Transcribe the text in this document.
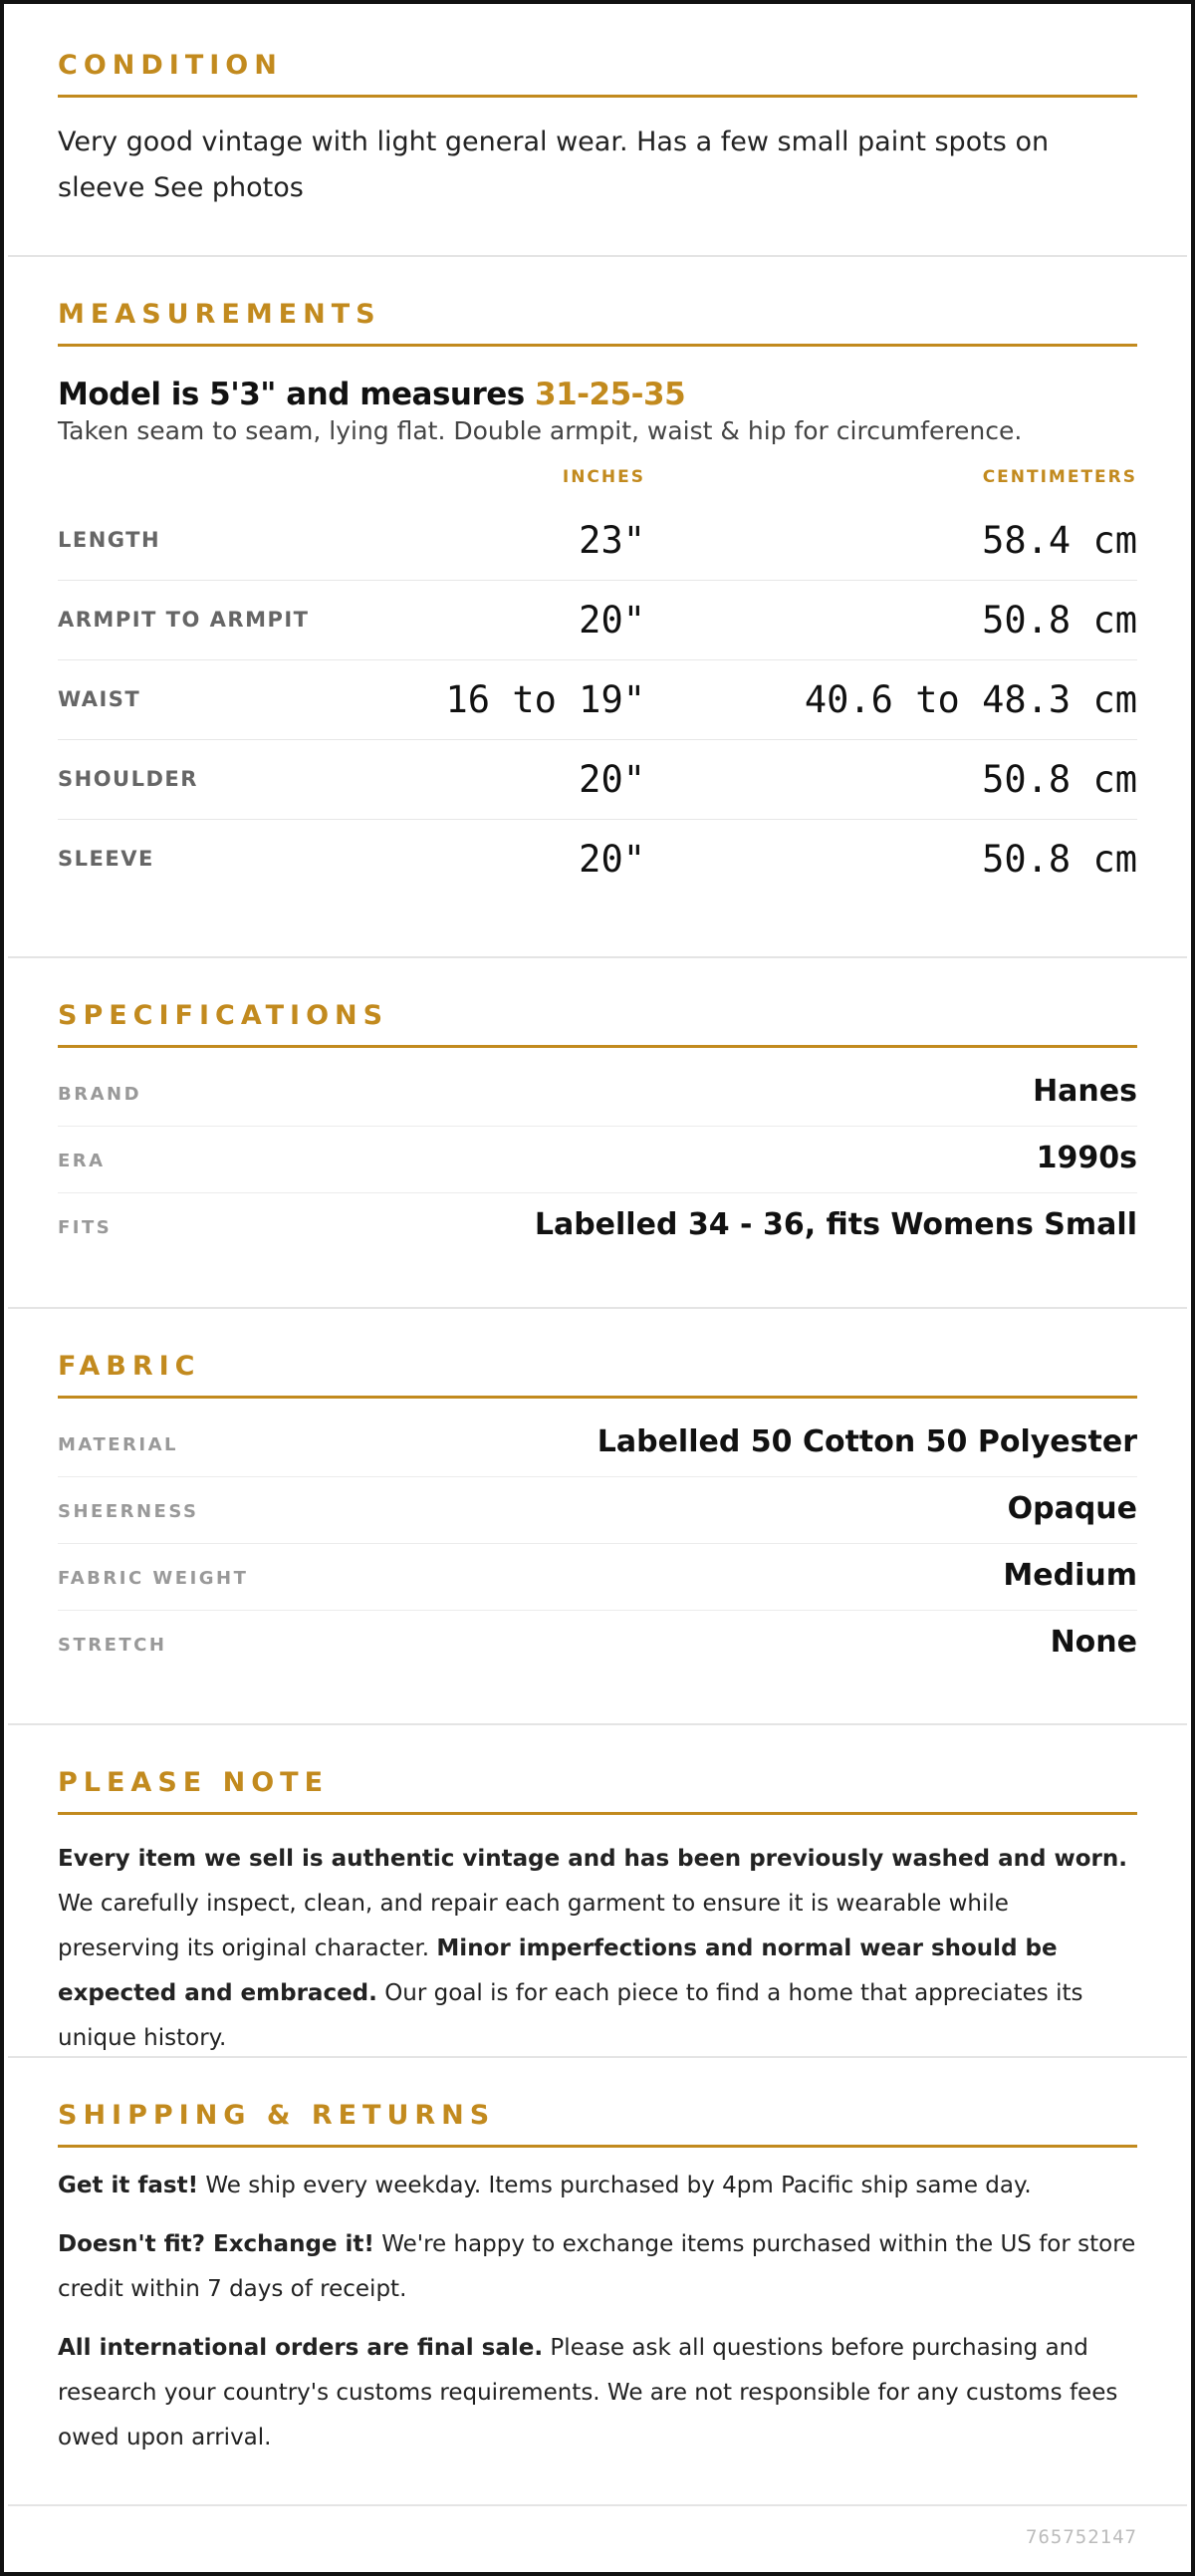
CONDITION
Very good vintage with light general wear. Has a few small paint spots on sleeve See photos
MEASUREMENTS
Model is 5'3" and measures 31-25-35
Taken seam to seam, lying flat. Double armpit, waist & hip for circumference.
INCHES	CENTIMETERS
LENGTH	23"	58.4 cm
ARMPIT TO ARMPIT	20"	50.8 cm
WAIST	16 to 19"	40.6 to 48.3 cm
SHOULDER	20"	50.8 cm
SLEEVE	20"	50.8 cm
SPECIFICATIONS
BRAND	Hanes
ERA	1990s
FITS	Labelled 34 - 36, fits Womens Small
FABRIC
MATERIAL	Labelled 50 Cotton 50 Polyester
SHEERNESS	Opaque
FABRIC WEIGHT	Medium
STRETCH	None
PLEASE NOTE
Every item we sell is authentic vintage and has been previously washed and worn. We carefully inspect, clean, and repair each garment to ensure it is wearable while preserving its original character. Minor imperfections and normal wear should be expected and embraced. Our goal is for each piece to find a home that appreciates its unique history.
SHIPPING & RETURNS
Get it fast! We ship every weekday. Items purchased by 4pm Pacific ship same day.
Doesn't fit? Exchange it! We're happy to exchange items purchased within the US for store credit within 7 days of receipt.
All international orders are final sale. Please ask all questions before purchasing and research your country's customs requirements. We are not responsible for any customs fees owed upon arrival.
765752147
